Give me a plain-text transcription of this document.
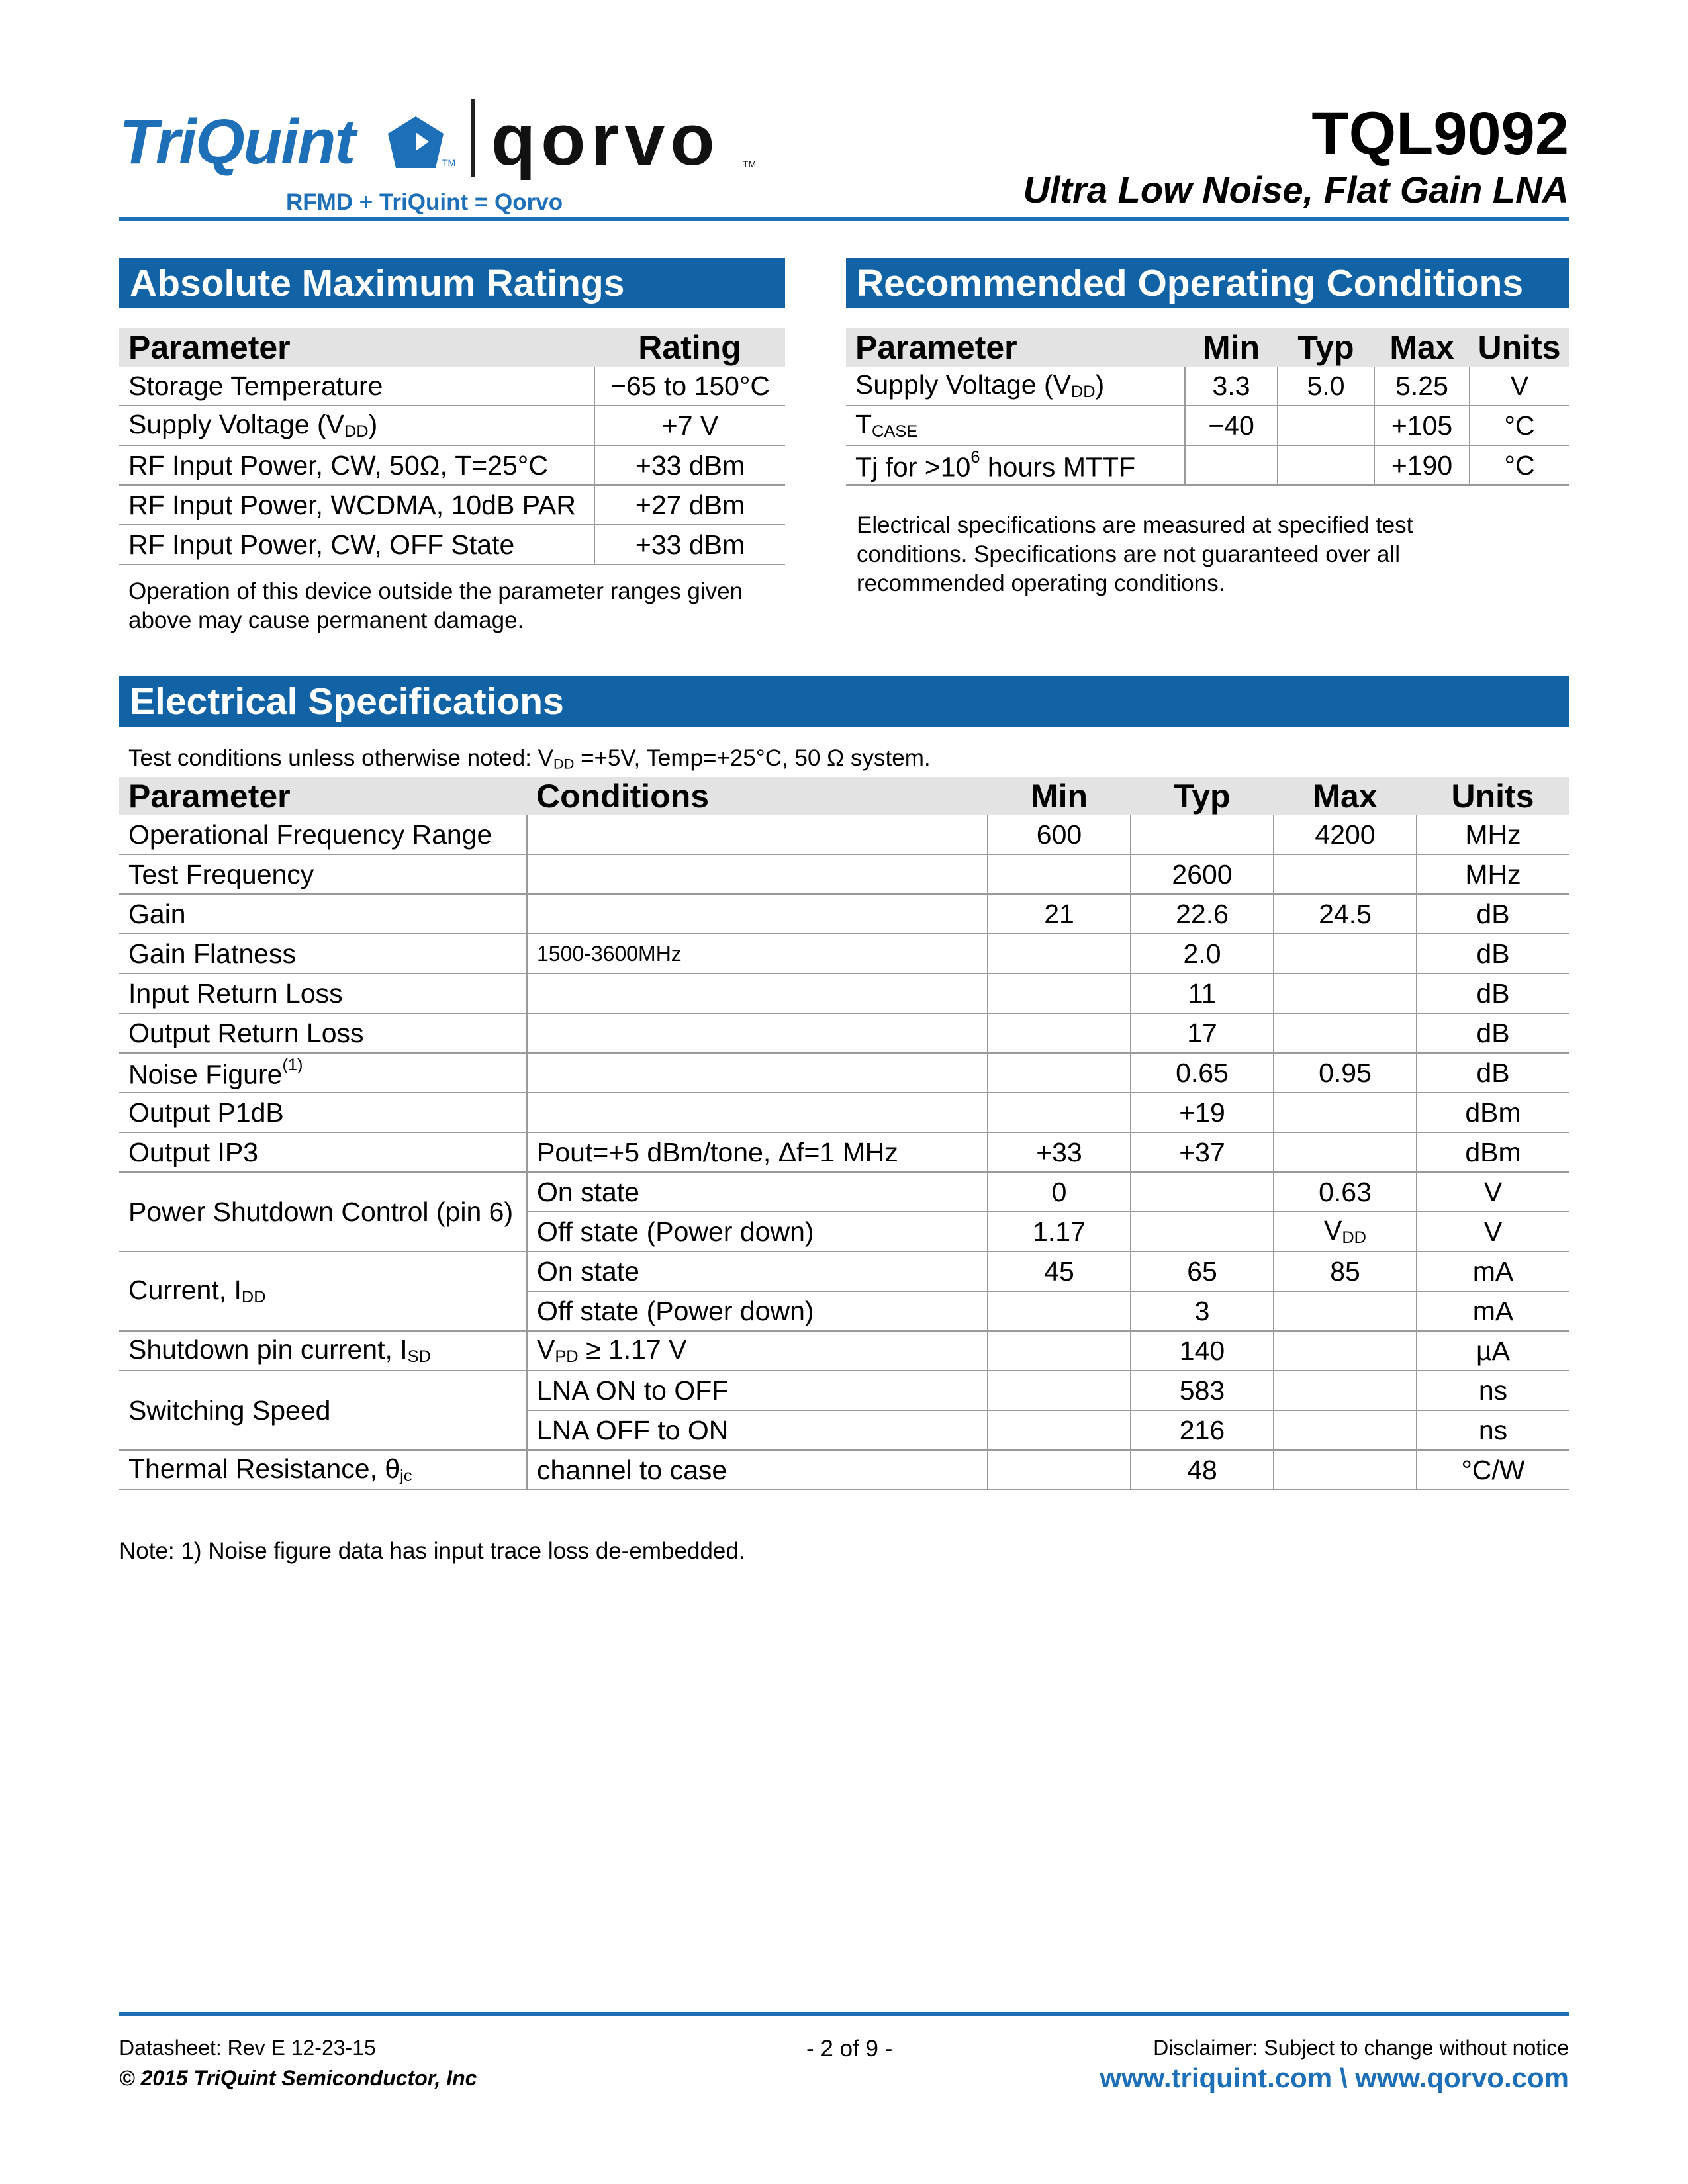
TriQuint	TM qorvo TM
RFMD + TriQuint = Qorvo
TQL9092
Ultra Low Noise, Flat Gain LNA
Absolute Maximum Ratings
Parameter	Rating
Storage Temperature	−65 to 150°C
Supply Voltage $(V_{DD})$	+7 V
RF Input Power, CW, 50Ω, T=25°C	+33 dBm
RF Input Power, WCDMA, 10dB PAR	+27 dBm
RF Input Power, CW, OFF State	+33 dBm
Operation of this device outside the parameter ranges given above may cause permanent damage.
Recommended Operating Conditions
Parameter	Min	Typ	Max	Units
Supply Voltage $(V_{DD})$	3.3	5.0	5.25	V
$T_{CASE}$	−40		+105	°C
Tj for $>10^6$ hours MTTF			+190	°C
Electrical specifications are measured at specified test conditions. Specifications are not guaranteed over all recommended operating conditions.
Electrical Specifications
Test conditions unless otherwise noted: $V_{DD} =+5V$, Temp=+25°C, 50 Ω system.
Parameter	Conditions	Min	Typ	Max	Units
Operational Frequency Range		600		4200	MHz
Test Frequency			2600		MHz
Gain		21	22.6	24.5	dB
Gain Flatness	1500-3600MHz		2.0		dB
Input Return Loss			11		dB
Output Return Loss			17		dB
Noise Figure$^{(1)}$			0.65	0.95	dB
Output P1dB			+19		dBm
Output IP3	Pout=+5 dBm/tone, Δf=1 MHz	+33	+37		dBm
Power Shutdown Control (pin 6)	On state	0		0.63	V
	Off state (Power down)	1.17		$V_{DD}$	V
Current, $I_{DD}$	On state	45	65	85	mA
	Off state (Power down)		3		mA
Shutdown pin current, $I_{SD}$	$V_{PD} \ge 1.17$ V		140		µA
Switching Speed	LNA ON to OFF		583		ns
	LNA OFF to ON		216		ns
Thermal Resistance, $\theta_{jc}$	channel to case		48		°C/W
Note: 1) Noise figure data has input trace loss de-embedded.
Datasheet: Rev E 12-23-15
© 2015 TriQuint Semiconductor, Inc
- 2 of 9 -	Disclaimer: Subject to change without notice
www.triquint.com \ www.qorvo.com
